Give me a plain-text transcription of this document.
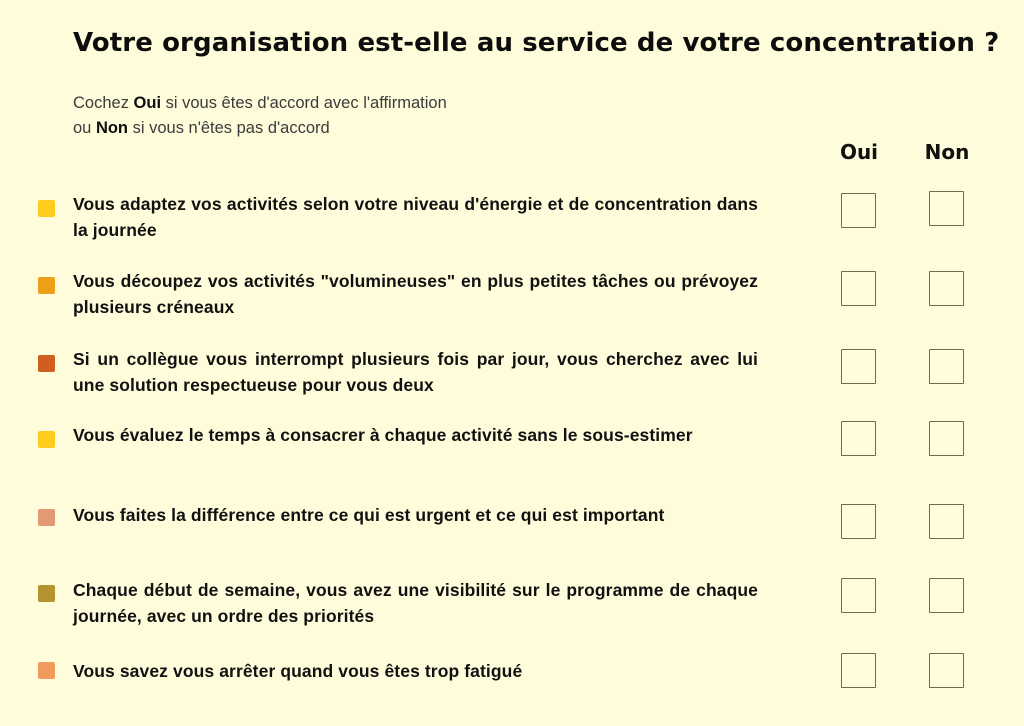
Votre organisation est-elle au service de votre concentration ?
Cochez Oui si vous êtes d'accord avec l'affirmation
ou Non si vous n'êtes pas d'accord
Oui	Non
Vous adaptez vos activités selon votre niveau d'énergie et de concentration dans la journée
Vous découpez vos activités "volumineuses" en plus petites tâches ou prévoyez plusieurs créneaux
Si un collègue vous interrompt plusieurs fois par jour, vous cherchez avec lui une solution respectueuse pour vous deux
Vous évaluez le temps à consacrer à chaque activité sans le sous-estimer
Vous faites la différence entre ce qui est urgent et ce qui est important
Chaque début de semaine, vous avez une visibilité sur le programme de chaque journée, avec un ordre des priorités
Vous savez vous arrêter quand vous êtes trop fatigué
